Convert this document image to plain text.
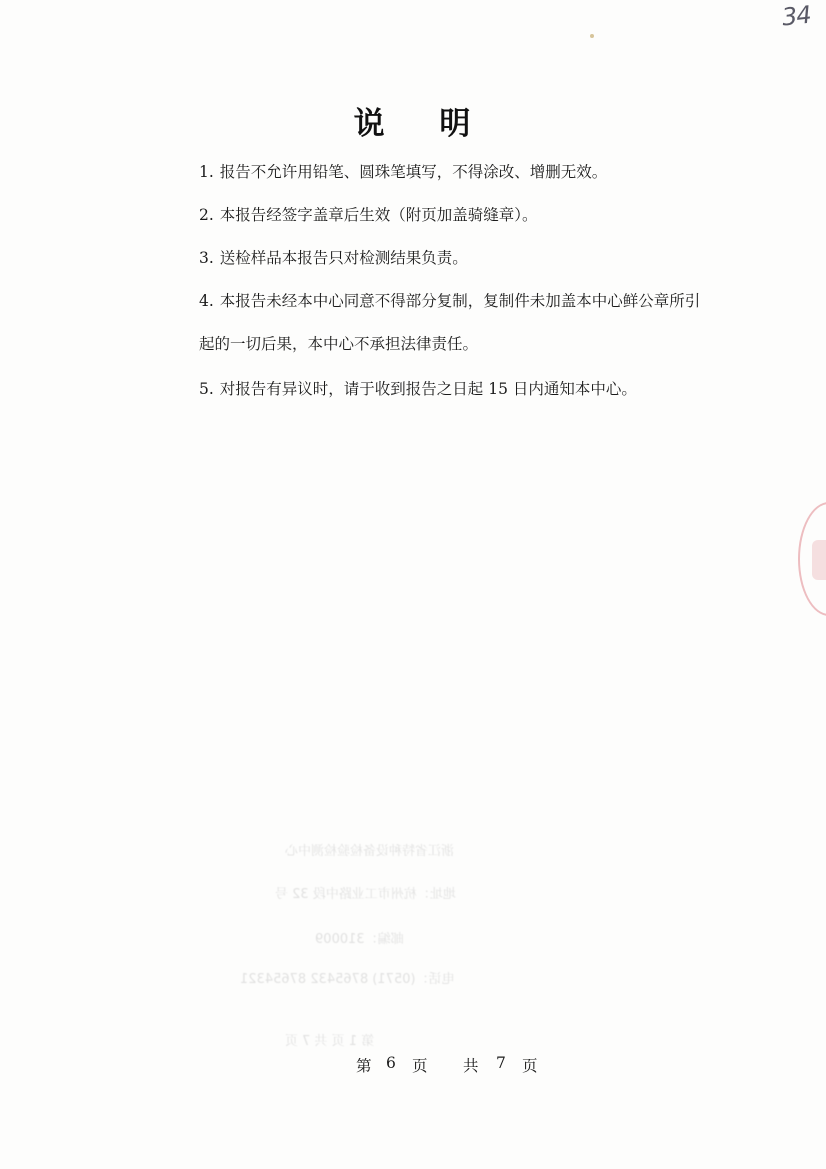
34
说 明
1. 报告不允许用铅笔、圆珠笔填写，不得涂改、增删无效。
2. 本报告经签字盖章后生效（附页加盖骑缝章）。
3. 送检样品本报告只对检测结果负责。
4. 本报告未经本中心同意不得部分复制，复制件未加盖本中心鲜公章所引
起的一切后果，本中心不承担法律责任。
5. 对报告有异议时，请于收到报告之日起 15 日内通知本中心。
浙江省特种设备检验检测中心
地址：杭州市工业路中段 32 号
邮编：310009
电话：(0571) 8765432 87654321
第 1 页 共 7 页
第 6 页 共 7 页
